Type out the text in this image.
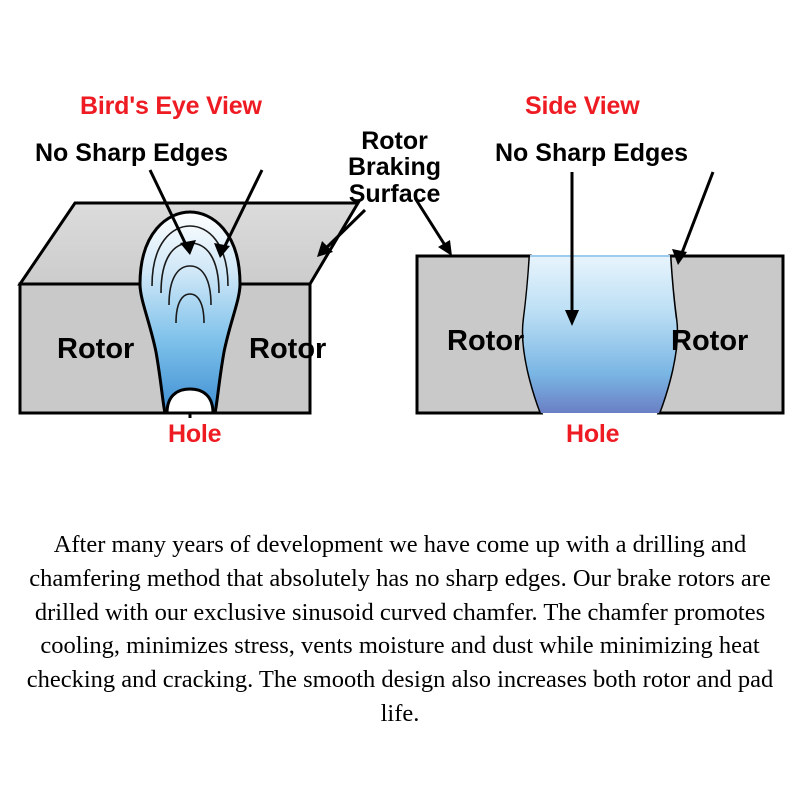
Bird's Eye View	Side View
No Sharp Edges	No Sharp Edges
Rotor
Braking
Surface
Rotor	Rotor	Rotor	Rotor
Hole	Hole
After many years of development we have come up with a drilling and chamfering method that absolutely has no sharp edges. Our brake rotors are drilled with our exclusive sinusoid curved chamfer. The chamfer promotes cooling, minimizes stress, vents moisture and dust while minimizing heat checking and cracking. The smooth design also increases both rotor and pad life.
